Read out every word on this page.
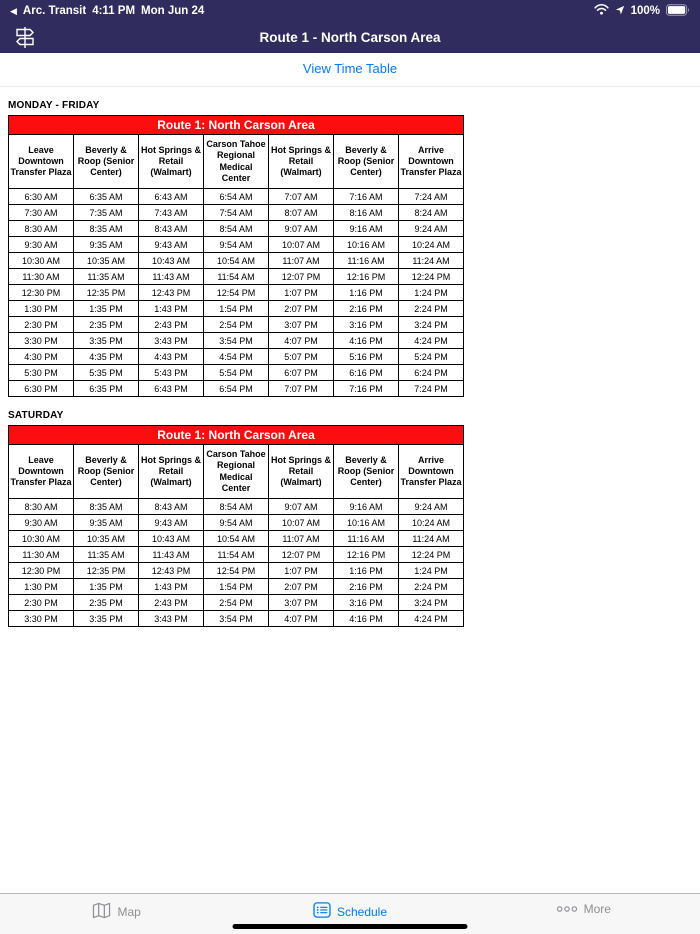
◀ Arc. Transit 4:11 PM Mon Jun 24	100%
Route 1 - North Carson Area
View Time Table
MONDAY - FRIDAY
Route 1: North Carson Area						
Leave Downtown Transfer Plaza	Beverly & Roop (Senior Center)	Hot Springs & Retail (Walmart)	Carson Tahoe Regional Medical Center	Hot Springs & Retail (Walmart)	Beverly & Roop (Senior Center)	Arrive Downtown Transfer Plaza
6:30 AM	6:35 AM	6:43 AM	6:54 AM	7:07 AM	7:16 AM	7:24 AM
7:30 AM	7:35 AM	7:43 AM	7:54 AM	8:07 AM	8:16 AM	8:24 AM
8:30 AM	8:35 AM	8:43 AM	8:54 AM	9:07 AM	9:16 AM	9:24 AM
9:30 AM	9:35 AM	9:43 AM	9:54 AM	10:07 AM	10:16 AM	10:24 AM
10:30 AM	10:35 AM	10:43 AM	10:54 AM	11:07 AM	11:16 AM	11:24 AM
11:30 AM	11:35 AM	11:43 AM	11:54 AM	12:07 PM	12:16 PM	12:24 PM
12:30 PM	12:35 PM	12:43 PM	12:54 PM	1:07 PM	1:16 PM	1:24 PM
1:30 PM	1:35 PM	1:43 PM	1:54 PM	2:07 PM	2:16 PM	2:24 PM
2:30 PM	2:35 PM	2:43 PM	2:54 PM	3:07 PM	3:16 PM	3:24 PM
3:30 PM	3:35 PM	3:43 PM	3:54 PM	4:07 PM	4:16 PM	4:24 PM
4:30 PM	4:35 PM	4:43 PM	4:54 PM	5:07 PM	5:16 PM	5:24 PM
5:30 PM	5:35 PM	5:43 PM	5:54 PM	6:07 PM	6:16 PM	6:24 PM
6:30 PM	6:35 PM	6:43 PM	6:54 PM	7:07 PM	7:16 PM	7:24 PM
SATURDAY
Route 1: North Carson Area						
Leave Downtown Transfer Plaza	Beverly & Roop (Senior Center)	Hot Springs & Retail (Walmart)	Carson Tahoe Regional Medical Center	Hot Springs & Retail (Walmart)	Beverly & Roop (Senior Center)	Arrive Downtown Transfer Plaza
8:30 AM	8:35 AM	8:43 AM	8:54 AM	9:07 AM	9:16 AM	9:24 AM
9:30 AM	9:35 AM	9:43 AM	9:54 AM	10:07 AM	10:16 AM	10:24 AM
10:30 AM	10:35 AM	10:43 AM	10:54 AM	11:07 AM	11:16 AM	11:24 AM
11:30 AM	11:35 AM	11:43 AM	11:54 AM	12:07 PM	12:16 PM	12:24 PM
12:30 PM	12:35 PM	12:43 PM	12:54 PM	1:07 PM	1:16 PM	1:24 PM
1:30 PM	1:35 PM	1:43 PM	1:54 PM	2:07 PM	2:16 PM	2:24 PM
2:30 PM	2:35 PM	2:43 PM	2:54 PM	3:07 PM	3:16 PM	3:24 PM
3:30 PM	3:35 PM	3:43 PM	3:54 PM	4:07 PM	4:16 PM	4:24 PM
Map	Schedule	More
